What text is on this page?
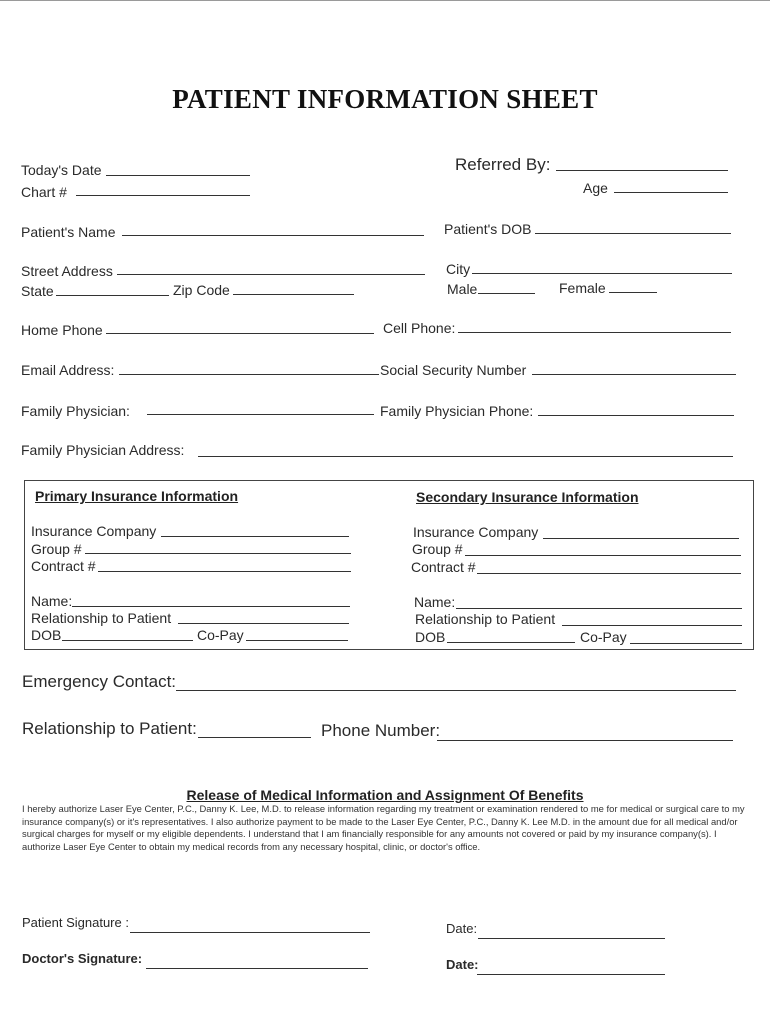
PATIENT INFORMATION SHEET
Today's Date
Chart #
Referred By:
Age
Patient's Name	Patient's DOB
Street Address	City
State	Zip Code	Male	Female
Home Phone	Cell Phone:
Email Address:	Social Security Number
Family Physician:	Family Physician Phone:
Family Physician Address:
Primary Insurance Information
Insurance Company
Group #
Contract #
Name:
Relationship to Patient
DOB	Co-Pay
Secondary Insurance Information
Insurance Company
Group #
Contract #
Name:
Relationship to Patient
DOB	Co-Pay
Emergency Contact:
Relationship to Patient:	Phone Number:
Release of Medical Information and Assignment Of Benefits
I hereby authorize Laser Eye Center, P.C., Danny K. Lee, M.D. to release information regarding my treatment or examination rendered to me for medical or surgical care to my insurance company(s) or it's representatives. I also authorize payment to be made to the Laser Eye Center, P.C., Danny K. Lee M.D. in the amount due for all medical and/or surgical charges for myself or my eligible dependents. I understand that I am financially responsible for any amounts not covered or paid by my insurance company(s). I authorize Laser Eye Center to obtain my medical records from any necessary hospital, clinic, or doctor's office.
Patient Signature :	Date:
Doctor's Signature:	Date:
